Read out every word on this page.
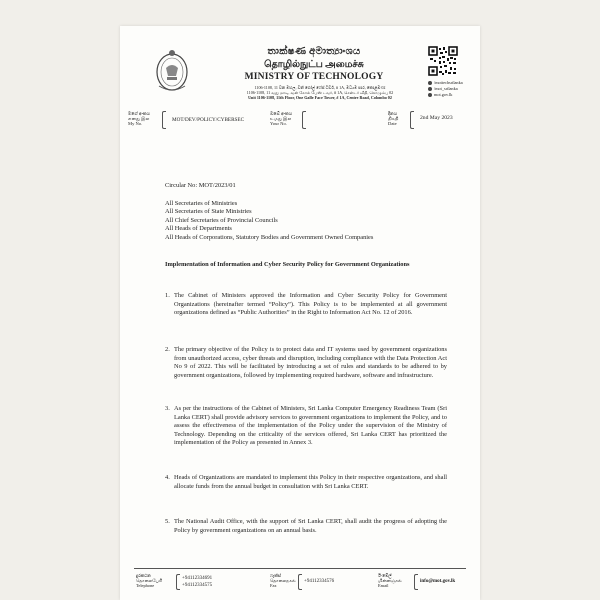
තාක්ෂණ අමාත්‍යාංශය
தொழில்நுட்ப அமைச்சு
MINISTRY OF TECHNOLOGY
1106-1108, 11 වන මහල, වන් ගෝල් ෆේස් ටවර්, # 1A, මධ්‍යම පාර, කොළඹ 02
1106-1108, 11 வது மாடி, வன் கோல் பேஸ் டவர், # 1A, சென்டர் வீதி, கொழும்பு 02
Unit 1106-1108, 11th Floor, One Galle Face Tower, # 1A, Centre Road, Colombo 02
/mottechsrilanka
/mot_srilanka
mot.gov.lk
මගේ අංකය
எனது இல
My No.
MOT/DEV/POLICY/CYBERSEC
ඔබේ අංකය
உமது இல
Your No.
දිනය
திகதி
Date
2nd May 2023
Circular No: MOT/2023/01
All Secretaries of Ministries
All Secretaries of State Ministries
All Chief Secretaries of Provincial Councils
All Heads of Departments
All Heads of Corporations, Statutory Bodies and Government Owned Companies
Implementation of Information and Cyber Security Policy for Government Organizations
1. The Cabinet of Ministers approved the Information and Cyber Security Policy for Government Organizations (hereinafter termed “Policy”). This Policy is to be implemented at all government organizations defined as “Public Authorities” in the Right to Information Act No. 12 of 2016.
2. The primary objective of the Policy is to protect data and IT systems used by government organizations from unauthorized access, cyber threats and disruption, including compliance with the Data Protection Act No 9 of 2022. This will be facilitated by introducing a set of rules and standards to be adhered to by government organizations, followed by implementing required hardware, software and infrastructure.
3. As per the instructions of the Cabinet of Ministers, Sri Lanka Computer Emergency Readiness Team (Sri Lanka CERT) shall provide advisory services to government organizations to implement the Policy, and to assess the effectiveness of the implementation of the Policy under the supervision of the Ministry of Technology. Depending on the criticality of the services offered, Sri Lanka CERT has prioritized the implementation of the Policy as presented in Annex 3.
4. Heads of Organizations are mandated to implement this Policy in their respective organizations, and shall allocate funds from the annual budget in consultation with Sri Lanka CERT.
5. The National Audit Office, with the support of Sri Lanka CERT, shall audit the progress of adopting the Policy by government organizations on an annual basis.
දුරකථන
தொலைபேசி
Telephone
+94112334691
+94112334575
ෆැක්ස්
தொலைநகல்
Fax
+94112334576
ඊ-මේල්
மின்னஞ்சல்
Email
info@mot.gov.lk
